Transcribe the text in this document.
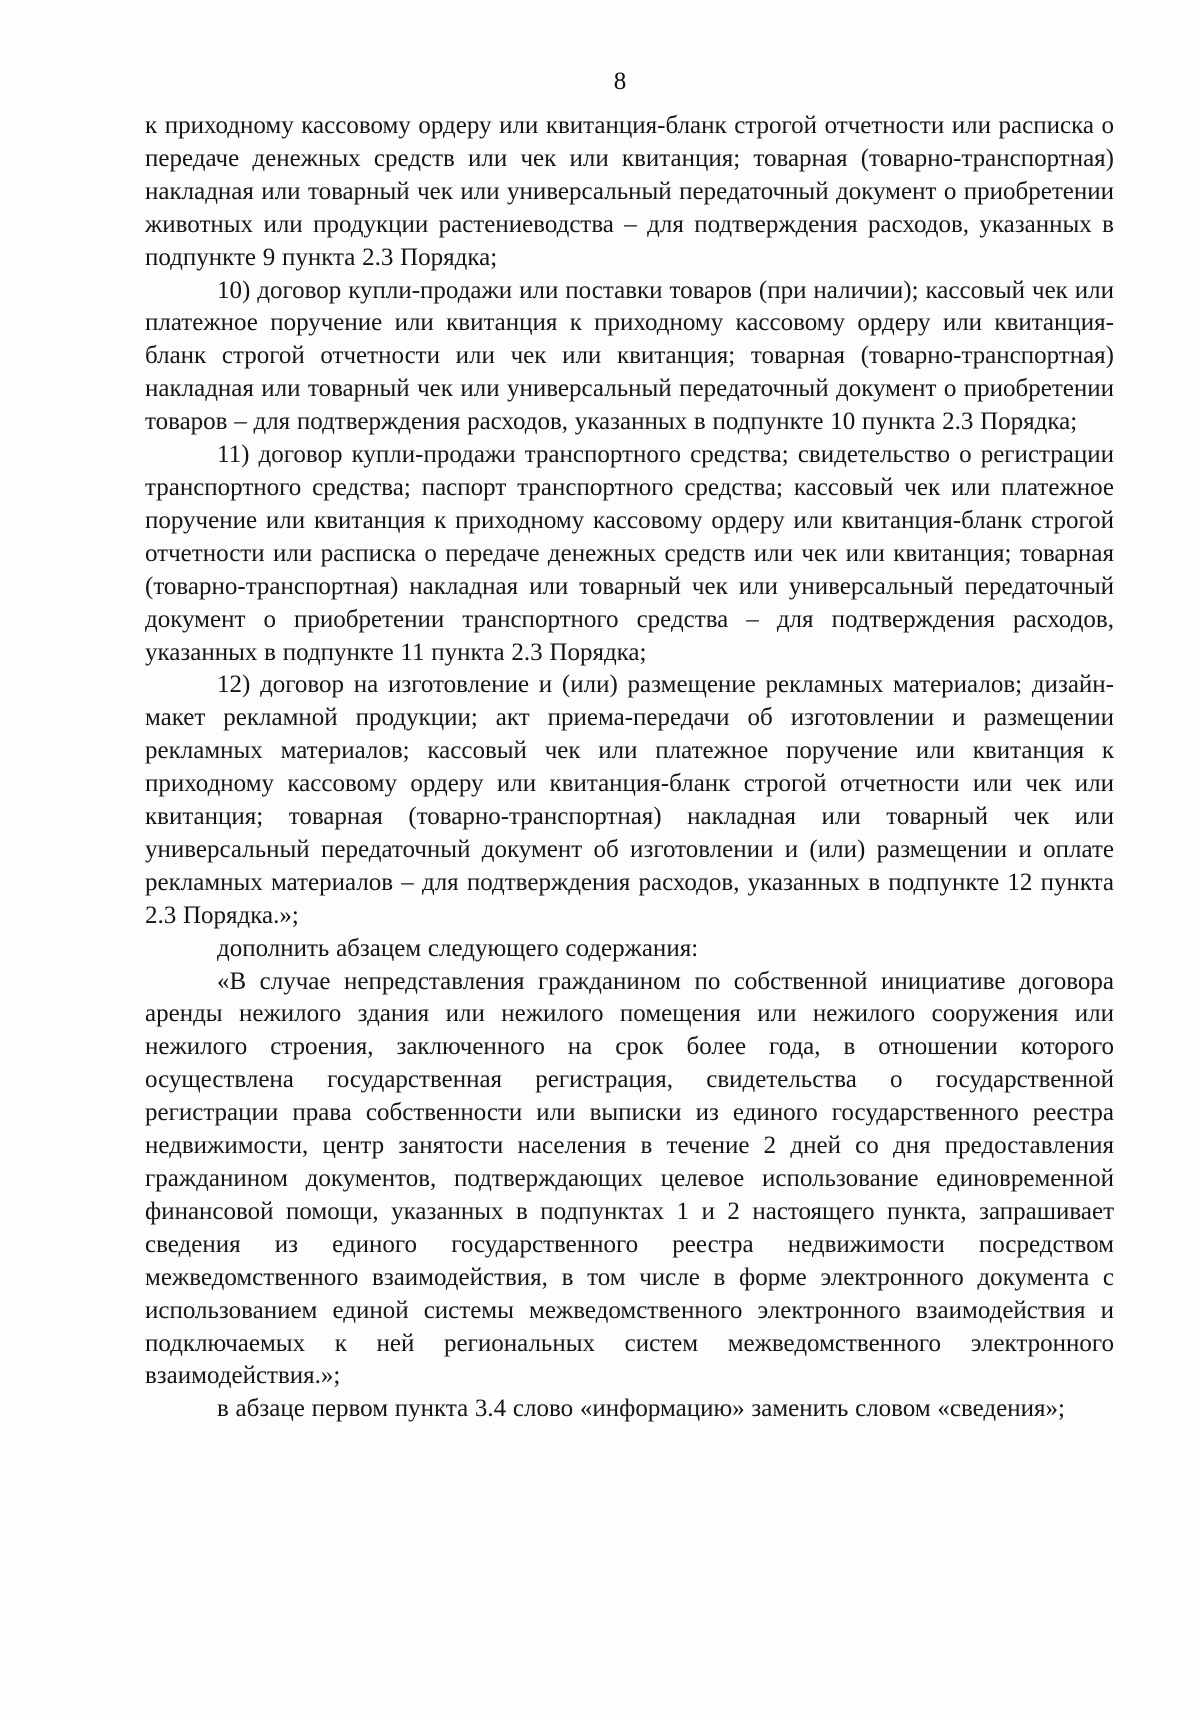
8

к приходному кассовому ордеру или квитанция-бланк строгой отчетности или расписка о передаче денежных средств или чек или квитанция; товарная (товарно-транспортная) накладная или товарный чек или универсальный передаточный документ о приобретении животных или продукции растениеводства – для подтверждения расходов, указанных в подпункте 9 пункта 2.3 Порядка;

10) договор купли-продажи или поставки товаров (при наличии); кассовый чек или платежное поручение или квитанция к приходному кассовому ордеру или квитанция-бланк строгой отчетности или чек или квитанция; товарная (товарно-транспортная) накладная или товарный чек или универсальный передаточный документ о приобретении товаров – для подтверждения расходов, указанных в подпункте 10 пункта 2.3 Порядка;

11) договор купли-продажи транспортного средства; свидетельство о регистрации транспортного средства; паспорт транспортного средства; кассовый чек или платежное поручение или квитанция к приходному кассовому ордеру или квитанция-бланк строгой отчетности или расписка о передаче денежных средств или чек или квитанция; товарная (товарно-транспортная) накладная или товарный чек или универсальный передаточный документ о приобретении транспортного средства – для подтверждения расходов, указанных в подпункте 11 пункта 2.3 Порядка;

12) договор на изготовление и (или) размещение рекламных материалов; дизайн-макет рекламной продукции; акт приема-передачи об изготовлении и размещении рекламных материалов; кассовый чек или платежное поручение или квитанция к приходному кассовому ордеру или квитанция-бланк строгой отчетности или чек или квитанция; товарная (товарно-транспортная) накладная или товарный чек или универсальный передаточный документ об изготовлении и (или) размещении и оплате рекламных материалов – для подтверждения расходов, указанных в подпункте 12 пункта 2.3 Порядка.»;

дополнить абзацем следующего содержания:

«В случае непредставления гражданином по собственной инициативе договора аренды нежилого здания или нежилого помещения или нежилого сооружения или нежилого строения, заключенного на срок более года, в отношении которого осуществлена государственная регистрация, свидетельства о государственной регистрации права собственности или выписки из единого государственного реестра недвижимости, центр занятости населения в течение 2 дней со дня предоставления гражданином документов, подтверждающих целевое использование единовременной финансовой помощи, указанных в подпунктах 1 и 2 настоящего пункта, запрашивает сведения из единого государственного реестра недвижимости посредством межведомственного взаимодействия, в том числе в форме электронного документа с использованием единой системы межведомственного электронного взаимодействия и подключаемых к ней региональных систем межведомственного электронного взаимодействия.»;

в абзаце первом пункта 3.4 слово «информацию» заменить словом «сведения»;
